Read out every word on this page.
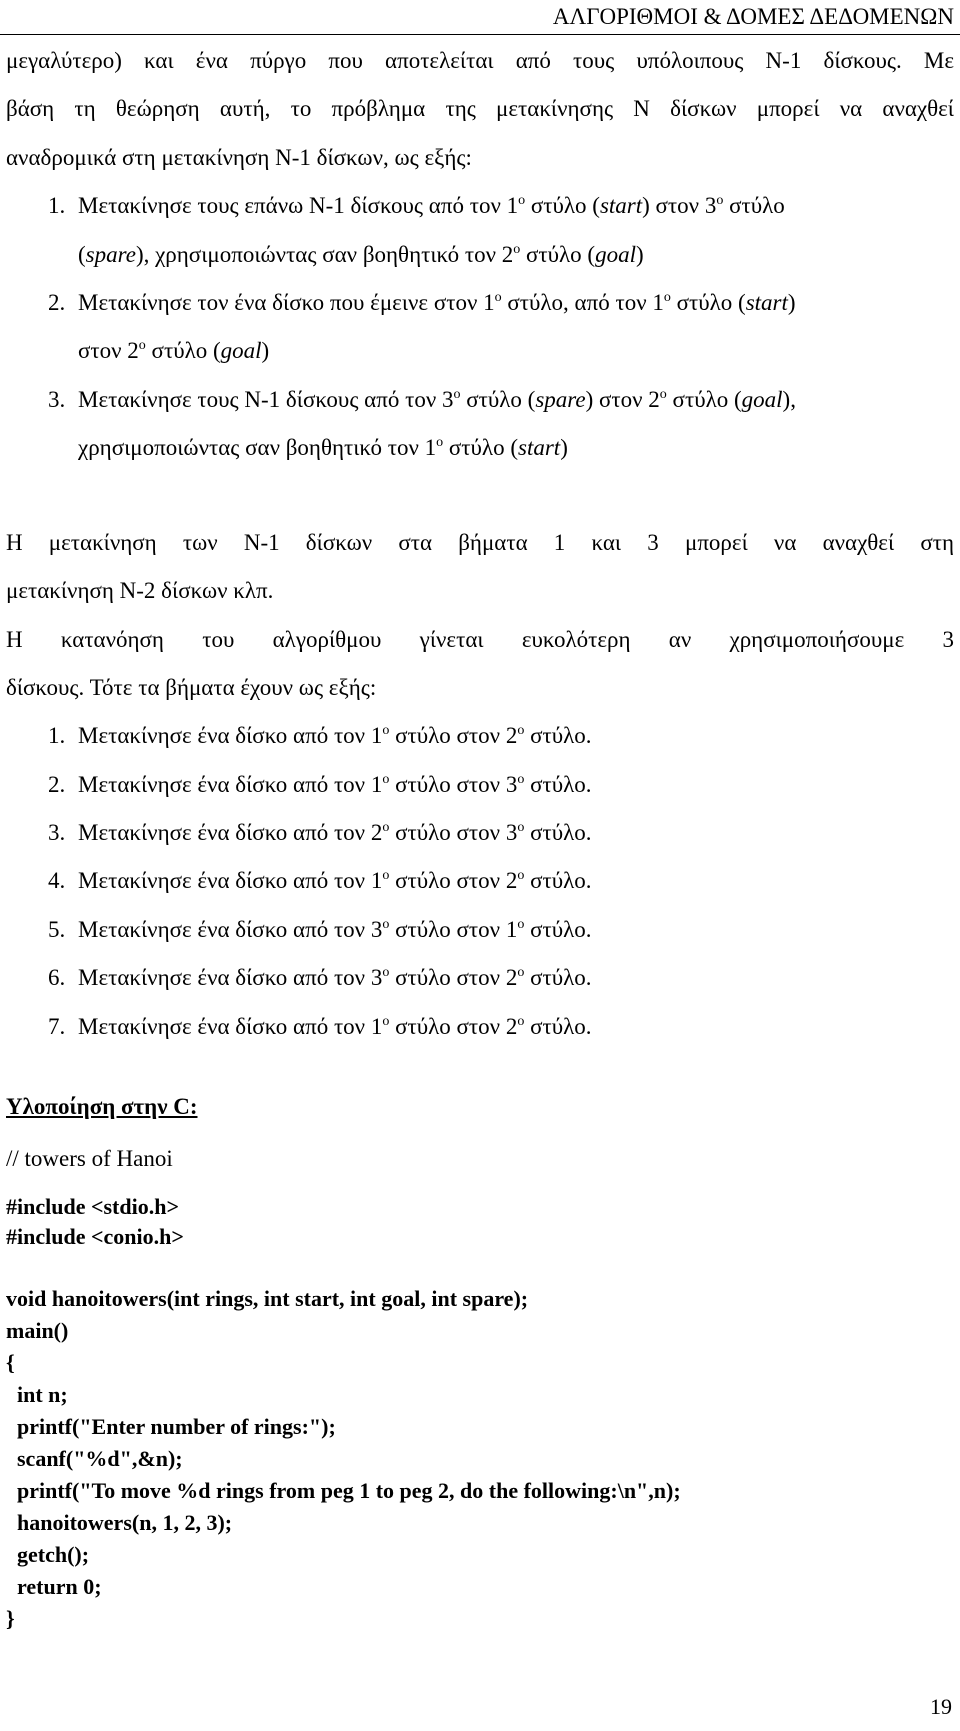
ΑΛΓΟΡΙΘΜΟΙ & ΔΟΜΕΣ ΔΕΔΟΜΕΝΩΝ
μεγαλύτερο) και ένα πύργο που αποτελείται από τους υπόλοιπους Ν-1 δίσκους. Με
βάση τη θεώρηση αυτή, το πρόβλημα της μετακίνησης Ν δίσκων μπορεί να αναχθεί
αναδρομικά στη μετακίνηση Ν-1 δίσκων, ως εξής:
1. Μετακίνησε τους επάνω Ν-1 δίσκους από τον $1^o$ στύλο (start) στον $3^o$ στύλο
(spare), χρησιμοποιώντας σαν βοηθητικό τον $2^o$ στύλο (goal)
2. Μετακίνησε τον ένα δίσκο που έμεινε στον $1^o$ στύλο, από τον $1^o$ στύλο (start)
στον $2^o$ στύλο (goal)
3. Μετακίνησε τους Ν-1 δίσκους από τον $3^o$ στύλο (spare) στον $2^o$ στύλο (goal),
χρησιμοποιώντας σαν βοηθητικό τον $1^o$ στύλο (start)
Η μετακίνηση των Ν-1 δίσκων στα βήματα 1 και 3 μπορεί να αναχθεί στη
μετακίνηση Ν-2 δίσκων κλπ.
Η κατανόηση του αλγορίθμου γίνεται ευκολότερη αν χρησιμοποιήσουμε 3
δίσκους. Τότε τα βήματα έχουν ως εξής:
1. Μετακίνησε ένα δίσκο από τον $1^o$ στύλο στον $2^o$ στύλο.
2. Μετακίνησε ένα δίσκο από τον $1^o$ στύλο στον $3^o$ στύλο.
3. Μετακίνησε ένα δίσκο από τον $2^o$ στύλο στον $3^o$ στύλο.
4. Μετακίνησε ένα δίσκο από τον $1^o$ στύλο στον $2^o$ στύλο.
5. Μετακίνησε ένα δίσκο από τον $3^o$ στύλο στον $1^o$ στύλο.
6. Μετακίνησε ένα δίσκο από τον $3^o$ στύλο στον $2^o$ στύλο.
7. Μετακίνησε ένα δίσκο από τον $1^o$ στύλο στον $2^o$ στύλο.
Υλοποίηση στην C:
// towers of Hanoi
#include <stdio.h>
#include <conio.h>
void hanoitowers(int rings, int start, int goal, int spare);
main()
{
int n;
printf("Enter number of rings:");
scanf("%d",&n);
printf("To move %d rings from peg 1 to peg 2, do the following:\n",n);
hanoitowers(n, 1, 2, 3);
getch();
return 0;
}
19
